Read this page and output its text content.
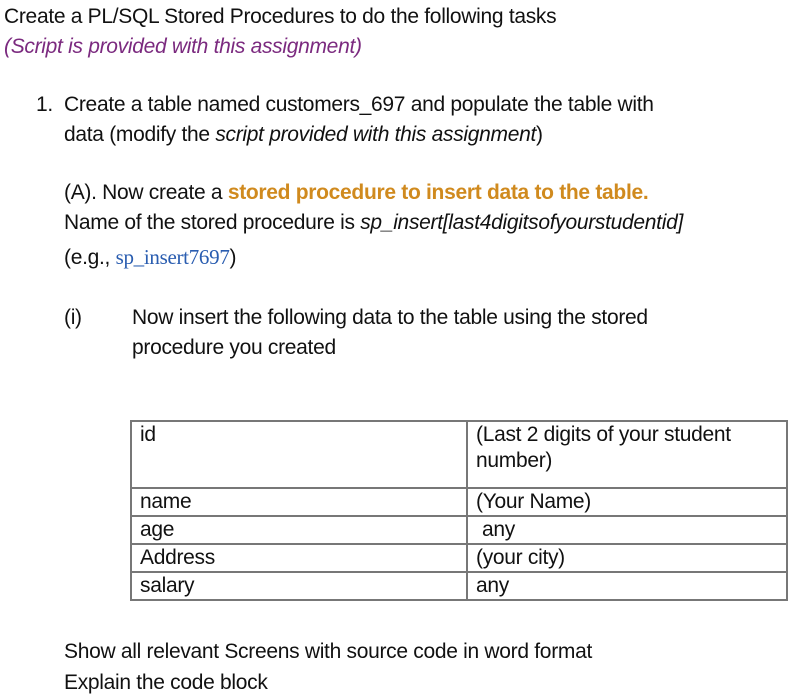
Create a PL/SQL Stored Procedures to do the following tasks
(Script is provided with this assignment)
1. Create a table named customers_697 and populate the table with
data (modify the script provided with this assignment)
(A). Now create a stored procedure to insert data to the table.
Name of the stored procedure is sp_insert[last4digitsofyourstudentid]
(e.g., sp_insert7697)
(i) Now insert the following data to the table using the stored
procedure you created
id	(Last 2 digits of your student number)
name	(Your Name)
age	any
Address	(your city)
salary	any
Show all relevant Screens with source code in word format
Explain the code block
